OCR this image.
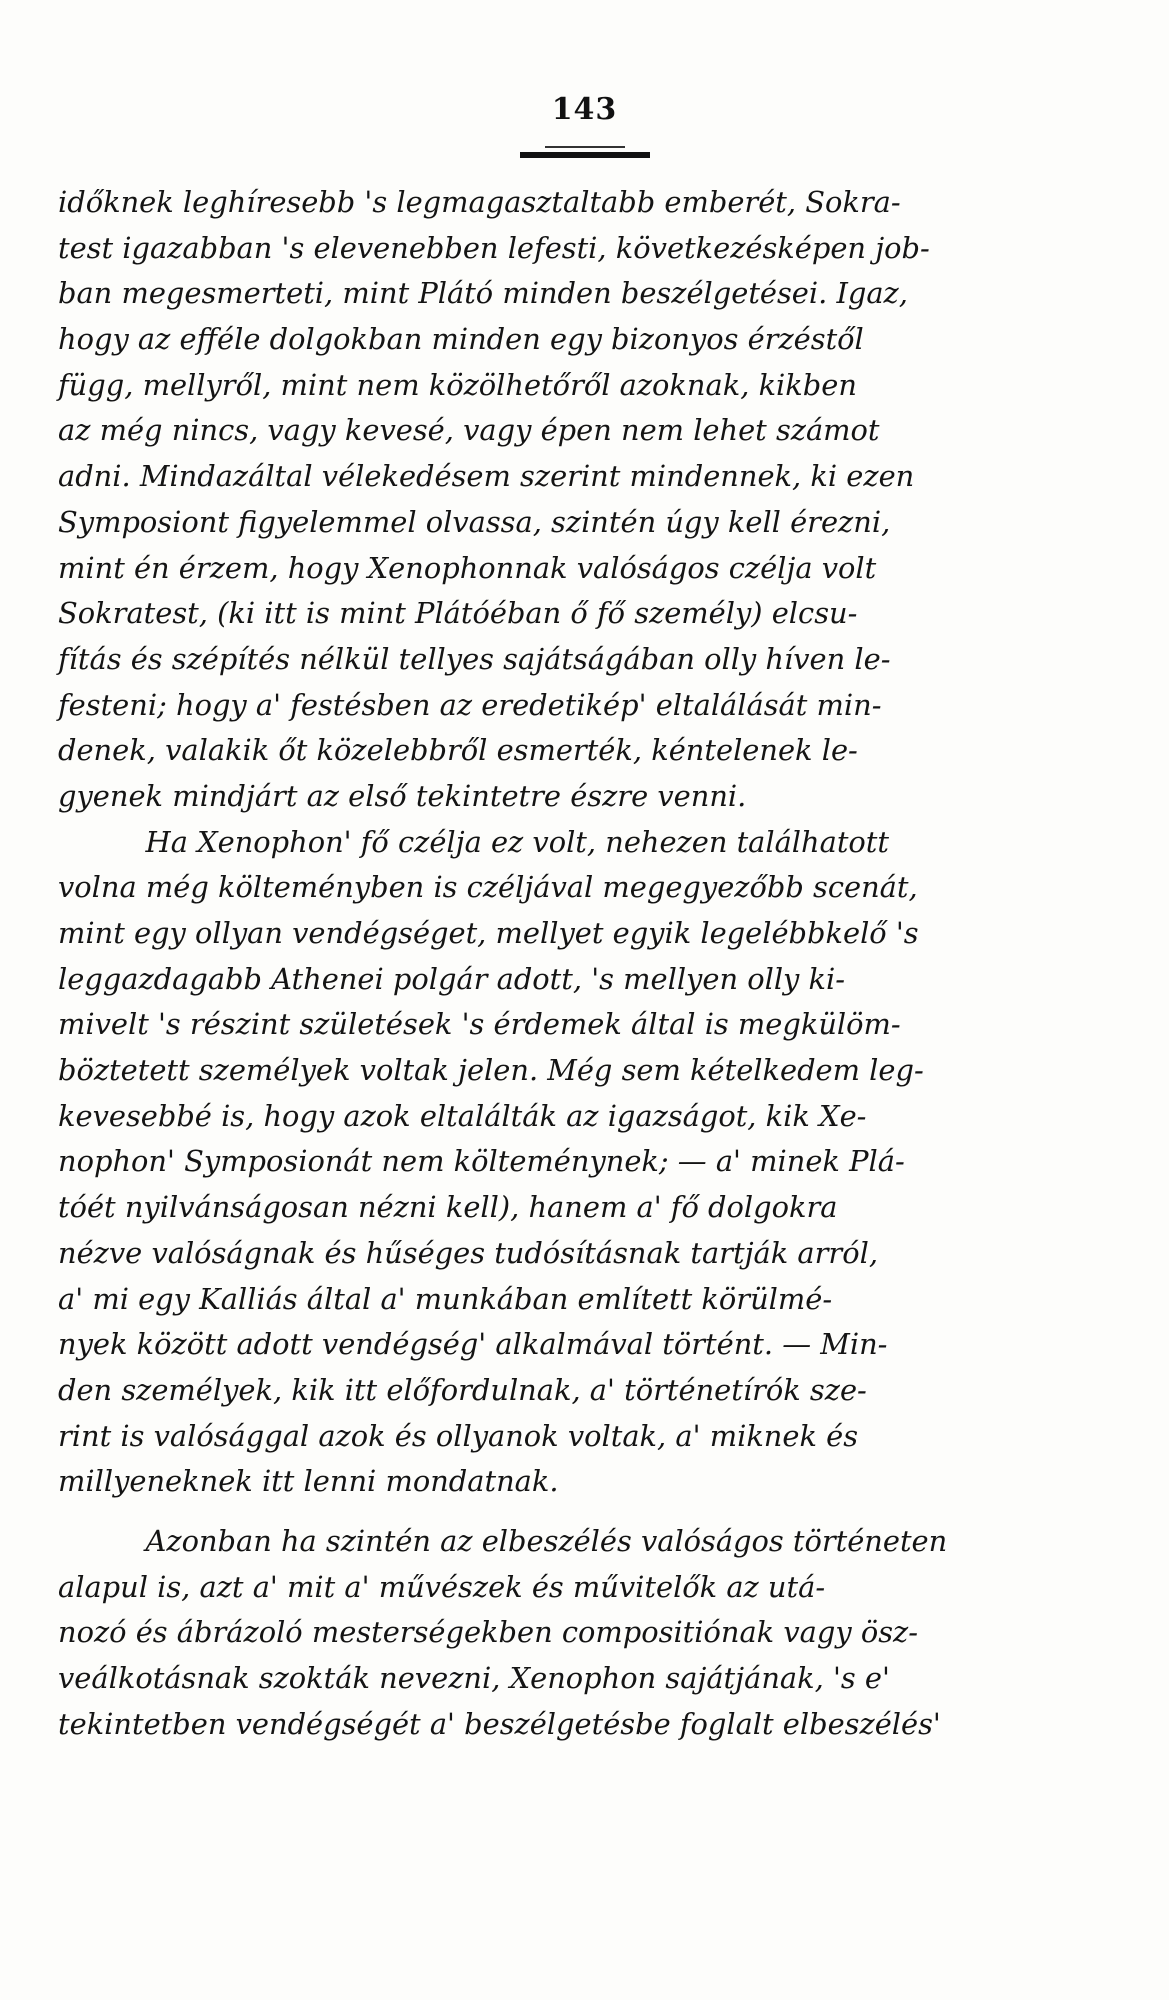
143
időknek leghíresebb 's legmagasztaltabb emberét, Sokra-
test igazabban 's elevenebben lefesti, következésképen job-
ban megesmerteti, mint Plátó minden beszélgetései. Igaz,
hogy az efféle dolgokban minden egy bizonyos érzéstől
függ, mellyről, mint nem közölhetőről azoknak, kikben
az még nincs, vagy kevesé, vagy épen nem lehet számot
adni. Mindazáltal vélekedésem szerint mindennek, ki ezen
Symposiont figyelemmel olvassa, szintén úgy kell érezni,
mint én érzem, hogy Xenophonnak valóságos czélja volt
Sokratest, (ki itt is mint Plátóéban ő fő személy) elcsu-
fítás és szépítés nélkül tellyes sajátságában olly híven le-
festeni; hogy a' festésben az eredetikép' eltalálását min-
denek, valakik őt közelebbről esmerték, kéntelenek le-
gyenek mindjárt az első tekintetre észre venni.
Ha Xenophon' fő czélja ez volt, nehezen találhatott
volna még költeményben is czéljával megegyezőbb scenát,
mint egy ollyan vendégséget, mellyet egyik legelébbkelő 's
leggazdagabb Athenei polgár adott, 's mellyen olly ki-
mivelt 's részint születések 's érdemek által is megkülöm-
böztetett személyek voltak jelen. Még sem kételkedem leg-
kevesebbé is, hogy azok eltalálták az igazságot, kik Xe-
nophon' Symposionát nem költeménynek; — a' minek Plá-
tóét nyilvánságosan nézni kell), hanem a' fő dolgokra
nézve valóságnak és hűséges tudósításnak tartják arról,
a' mi egy Kalliás által a' munkában említett körülmé-
nyek között adott vendégség' alkalmával történt. — Min-
den személyek, kik itt előfordulnak, a' történetírók sze-
rint is valósággal azok és ollyanok voltak, a' miknek és
millyeneknek itt lenni mondatnak.
Azonban ha szintén az elbeszélés valóságos történeten
alapul is, azt a' mit a' művészek és művitelők az utá-
nozó és ábrázoló mesterségekben compositiónak vagy ösz-
veálkotásnak szokták nevezni, Xenophon sajátjának, 's e'
tekintetben vendégségét a' beszélgetésbe foglalt elbeszélés'
